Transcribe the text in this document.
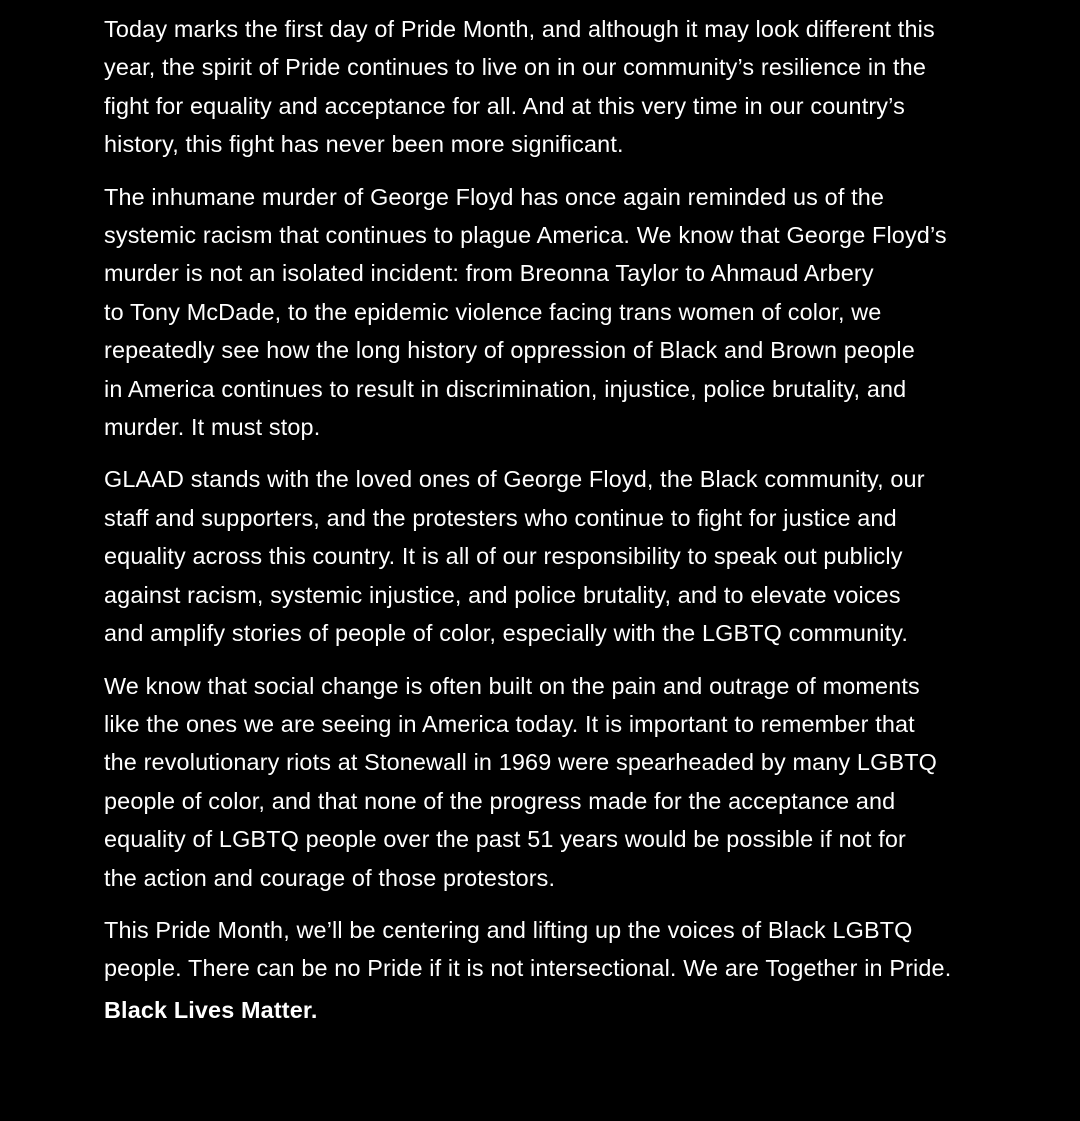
Today marks the first day of Pride Month, and although it may look different this
year, the spirit of Pride continues to live on in our community’s resilience in the
fight for equality and acceptance for all. And at this very time in our country’s
history, this fight has never been more significant.

The inhumane murder of George Floyd has once again reminded us of the
systemic racism that continues to plague America. We know that George Floyd’s
murder is not an isolated incident: from Breonna Taylor to Ahmaud Arbery
to Tony McDade, to the epidemic violence facing trans women of color, we
repeatedly see how the long history of oppression of Black and Brown people
in America continues to result in discrimination, injustice, police brutality, and
murder. It must stop.

GLAAD stands with the loved ones of George Floyd, the Black community, our
staff and supporters, and the protesters who continue to fight for justice and
equality across this country. It is all of our responsibility to speak out publicly
against racism, systemic injustice, and police brutality, and to elevate voices
and amplify stories of people of color, especially with the LGBTQ community.

We know that social change is often built on the pain and outrage of moments
like the ones we are seeing in America today. It is important to remember that
the revolutionary riots at Stonewall in 1969 were spearheaded by many LGBTQ
people of color, and that none of the progress made for the acceptance and
equality of LGBTQ people over the past 51 years would be possible if not for
the action and courage of those protestors.

This Pride Month, we’ll be centering and lifting up the voices of Black LGBTQ
people. There can be no Pride if it is not intersectional. We are Together in Pride.
Black Lives Matter.
